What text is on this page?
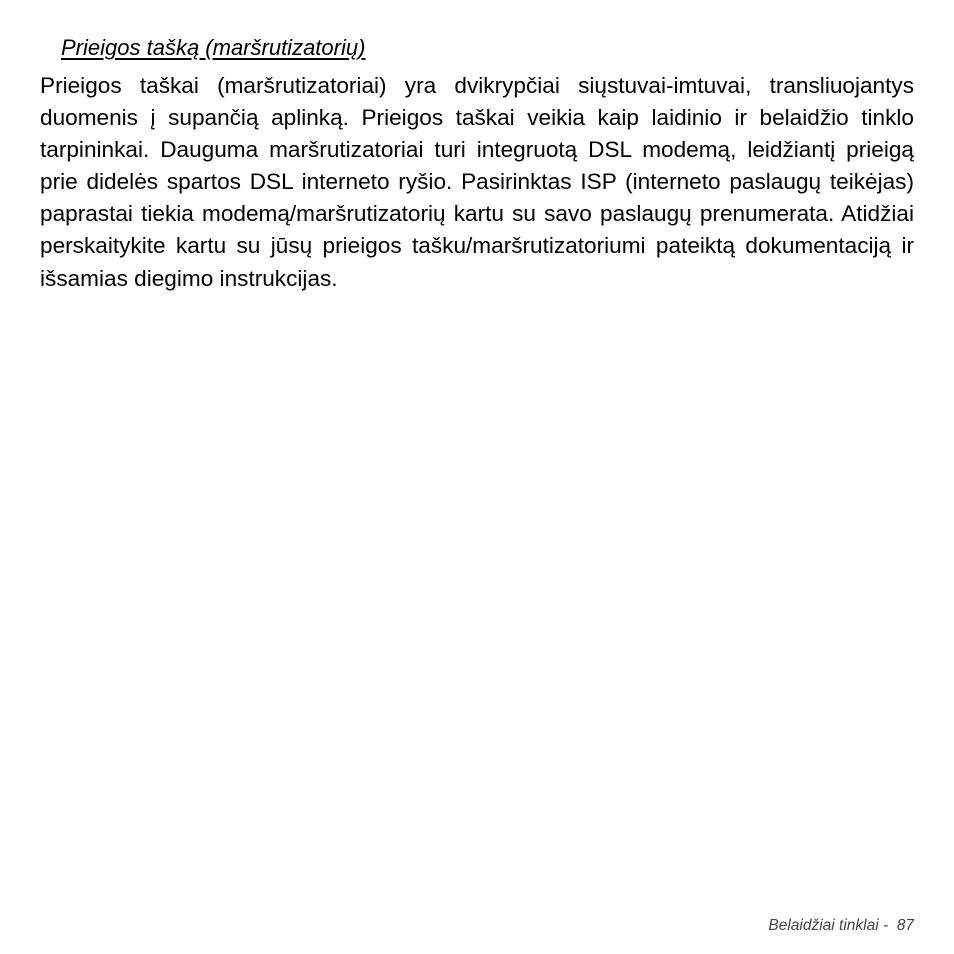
Prieigos tašką (maršrutizatorių)

Prieigos taškai (maršrutizatoriai) yra dvikrypčiai siųstuvai-imtuvai, transliuojantys duomenis į supančią aplinką. Prieigos taškai veikia kaip laidinio ir belaidžio tinklo tarpininkai. Dauguma maršrutizatoriai turi integruotą DSL modemą, leidžiantį prieigą prie didelės spartos DSL interneto ryšio. Pasirinktas ISP (interneto paslaugų teikėjas) paprastai tiekia modemą/maršrutizatorių kartu su savo paslaugų prenumerata. Atidžiai perskaitykite kartu su jūsų prieigos tašku/maršrutizatoriumi pateiktą dokumentaciją ir išsamias diegimo instrukcijas.

Belaidžiai tinklai - 87
